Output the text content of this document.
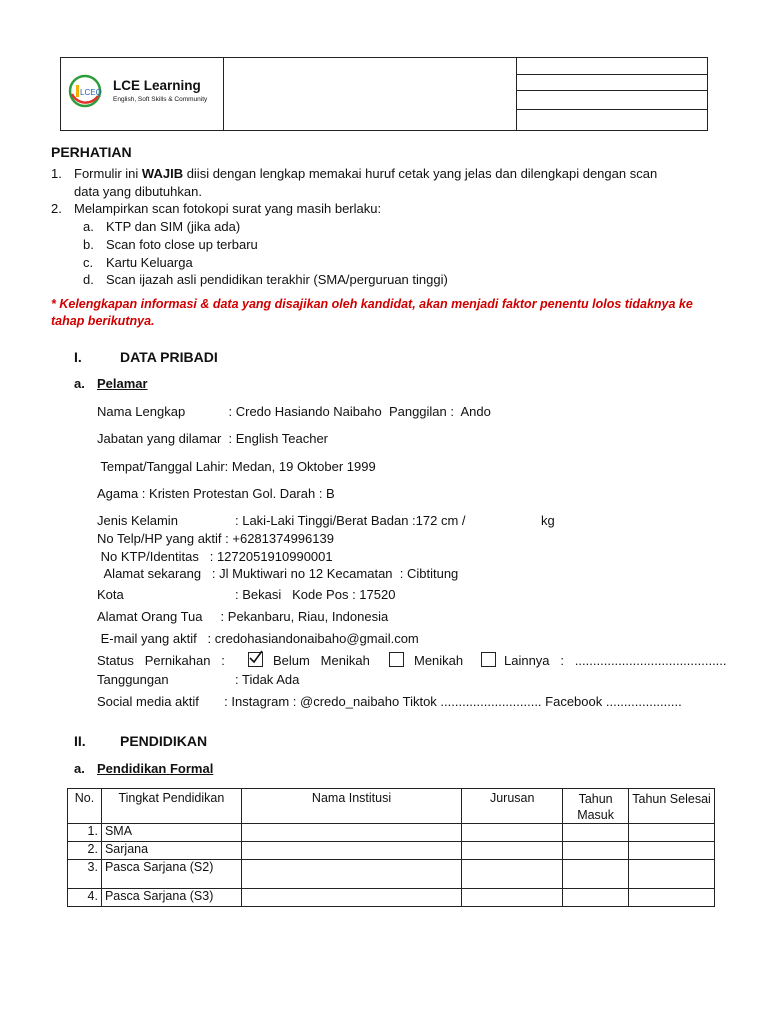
LCEQ LCE Learning
English, Soft Skills & Community
PERHATIAN
1. Formulir ini WAJIB diisi dengan lengkap memakai huruf cetak yang jelas dan dilengkapi dengan scan
data yang dibutuhkan.
2. Melampirkan scan fotokopi surat yang masih berlaku:
a. KTP dan SIM (jika ada)
b. Scan foto close up terbaru
c. Kartu Keluarga
d. Scan ijazah asli pendidikan terakhir (SMA/perguruan tinggi)
* Kelengkapan informasi & data yang disajikan oleh kandidat, akan menjadi faktor penentu lolos tidaknya ke
tahap berikutnya.
I.	DATA PRIBADI
a. Pelamar
Nama Lengkap            : Credo Hasiando Naibaho  Panggilan :  Ando
Jabatan yang dilamar  : English Teacher
Tempat/Tanggal Lahir: Medan, 19 Oktober 1999
Agama : Kristen Protestan Gol. Darah : B
Jenis Kelamin	: Laki-Laki Tinggi/Berat Badan :172 cm /	kg
No Telp/HP yang aktif : +6281374996139
No KTP/Identitas   : 1272051910990001
Alamat sekarang   : Jl Muktiwari no 12 Kecamatan  : Cibtitung
Kota	: Bekasi   Kode Pos : 17520
Alamat Orang Tua     : Pekanbaru, Riau, Indonesia
E-mail yang aktif   : credohasiandonaibaho@gmail.com
Status   Pernikahan   :	Belum   Menikah	Menikah	Lainnya   :   ..........................................
Tanggungan	: Tidak Ada
Social media aktif       : Instagram : @credo_naibaho Tiktok ............................ Facebook .....................
II. PENDIDIKAN
a. Pendidikan Formal
No.	Tingkat Pendidikan	Nama Institusi	Jurusan	Tahun Masuk	Tahun Selesai
1.	SMA				
2.	Sarjana				
3.	Pasca Sarjana (S2)				
4.	Pasca Sarjana (S3)				
